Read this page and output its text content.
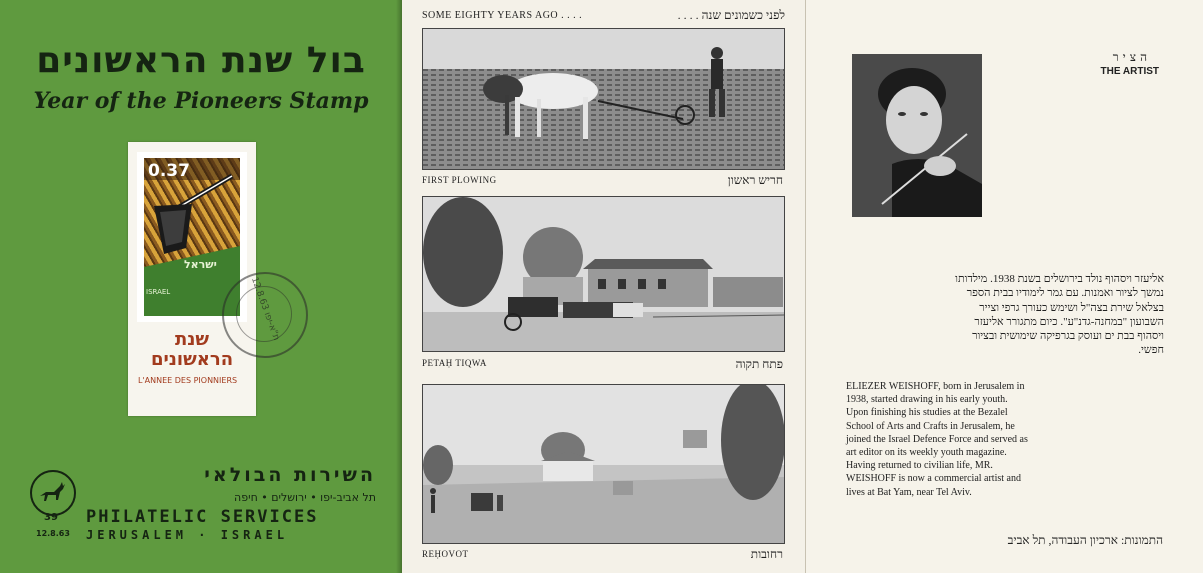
בול שנת הראשונים
Year of the Pioneers Stamp
0.37
ישראל
ISRAEL
שנת
הראשונים
L'ANNEE DES PIONNIERS
ת"א-יפו 12.8.63
השירות הבולאי
תל אביב-יפו • ירושלים • חיפה
39
12.8.63
PHILATELIC SERVICES
JERUSALEM · ISRAEL
SOME EIGHTY YEARS AGO . . . .	לפני כשמונים שנה . . . .
FIRST PLOWING	חריש ראשון
PETAḤ TIQWA	פתח תקוה
REḤOVOT	רחובות
הציר
THE ARTIST
אליעזר ויסהוף נולד בירושלים בשנת 1938. מילדותו נמשך לציור ואמנות. עם גמר לימודיו בבית הספר בצלאל שירת בצה"ל ושימש כעורך גרפי וצייר השבועון "במחנה-גדנ"ע". כיום מתגורר אליעזר ויסהוף בבת ים ועוסק בגרפיקה שימושית ובציור חפשי.
ELIEZER WEISHOFF, born in Jerusalem in 1938, started drawing in his early youth. Upon finishing his studies at the Bezalel School of Arts and Crafts in Jerusalem, he joined the Israel Defence Force and served as art editor on its weekly youth magazine. Having returned to civilian life, MR. WEISHOFF is now a commercial artist and lives at Bat Yam, near Tel Aviv.
התמונות: ארכיון העבודה, תל אביב
